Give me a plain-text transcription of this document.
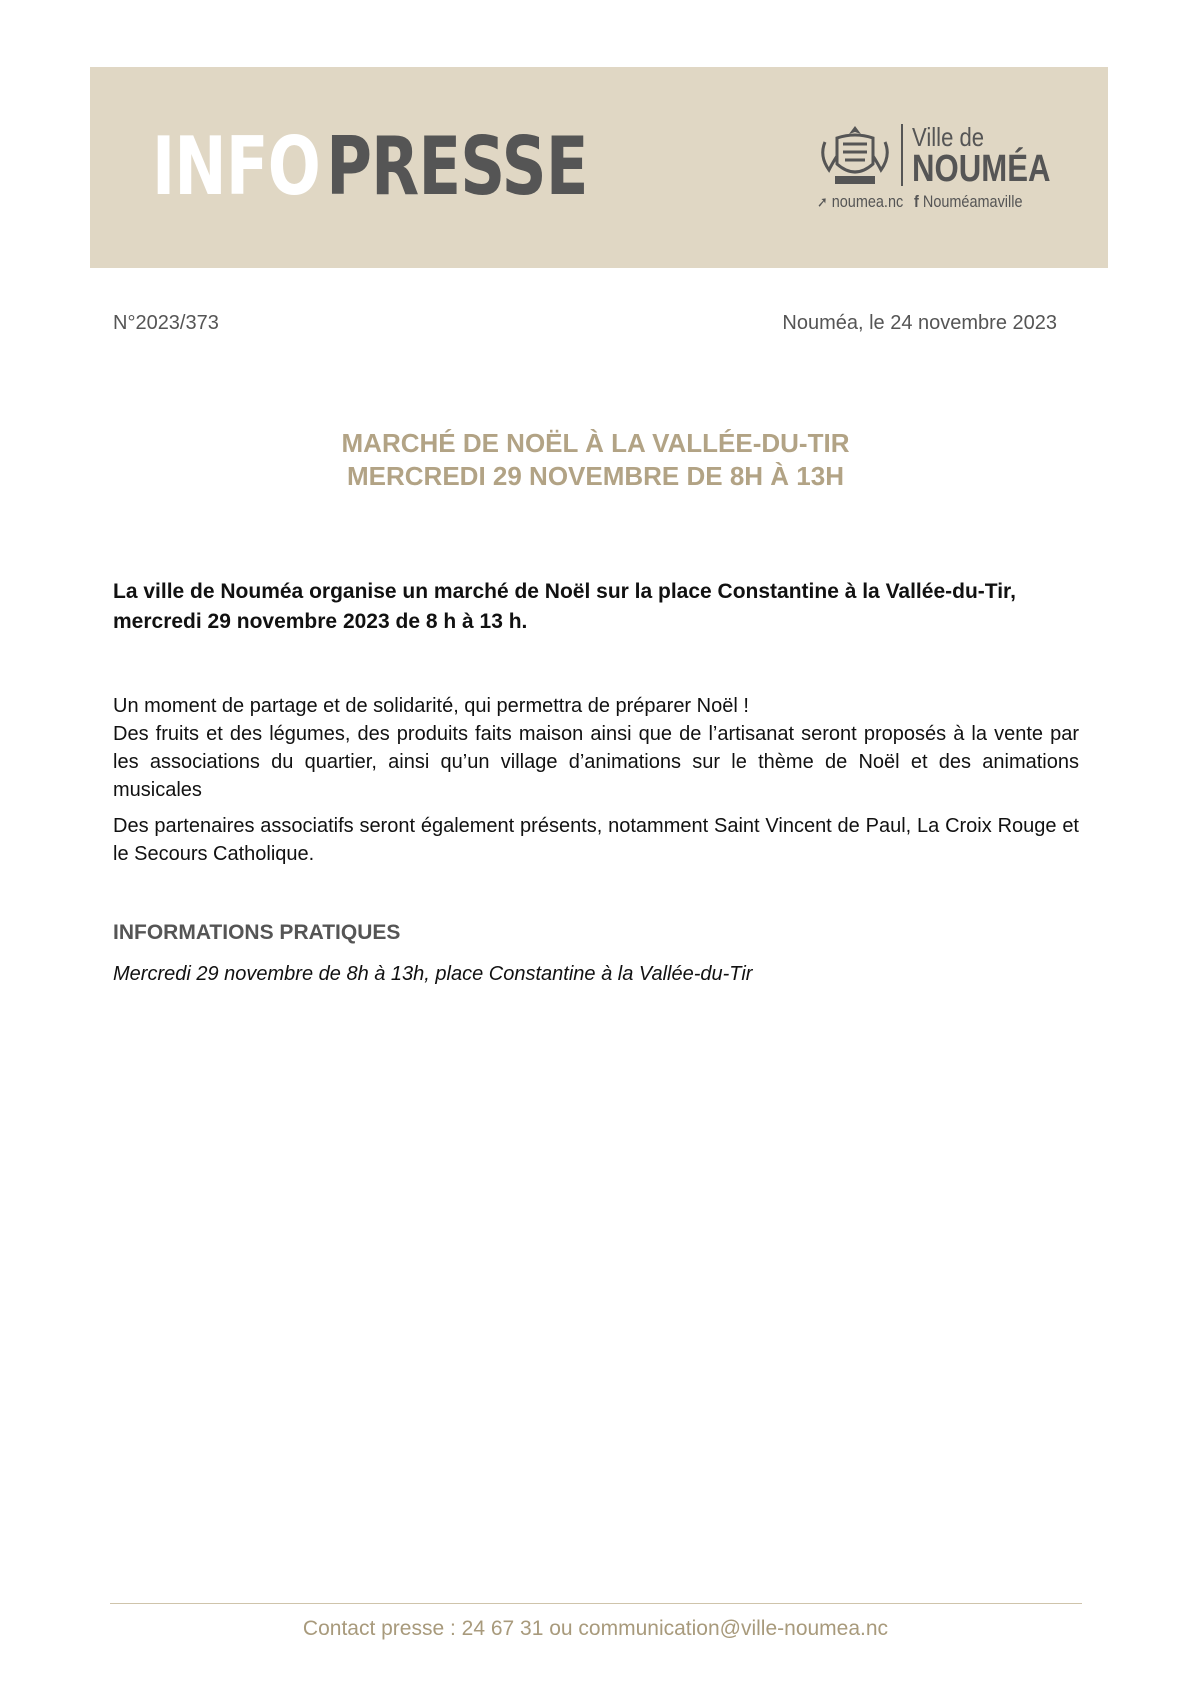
INFOPRESSE	Ville de
NOUMÉA
➚ noumea.nc f Nouméamaville
N°2023/373	Nouméa, le 24 novembre 2023
MARCHÉ DE NOËL À LA VALLÉE-DU-TIR
MERCREDI 29 NOVEMBRE DE 8H À 13H
La ville de Nouméa organise un marché de Noël sur la place Constantine à la Vallée-du-Tir, mercredi 29 novembre 2023 de 8 h à 13 h.

Un moment de partage et de solidarité, qui permettra de préparer Noël !

Des fruits et des légumes, des produits faits maison ainsi que de l’artisanat seront proposés à la vente par les associations du quartier, ainsi qu’un village d’animations sur le thème de Noël et des animations musicales

Des partenaires associatifs seront également présents, notamment Saint Vincent de Paul, La Croix Rouge et le Secours Catholique.

INFORMATIONS PRATIQUES
Mercredi 29 novembre de 8h à 13h, place Constantine à la Vallée-du-Tir
Contact presse : 24 67 31 ou communication@ville-noumea.nc
